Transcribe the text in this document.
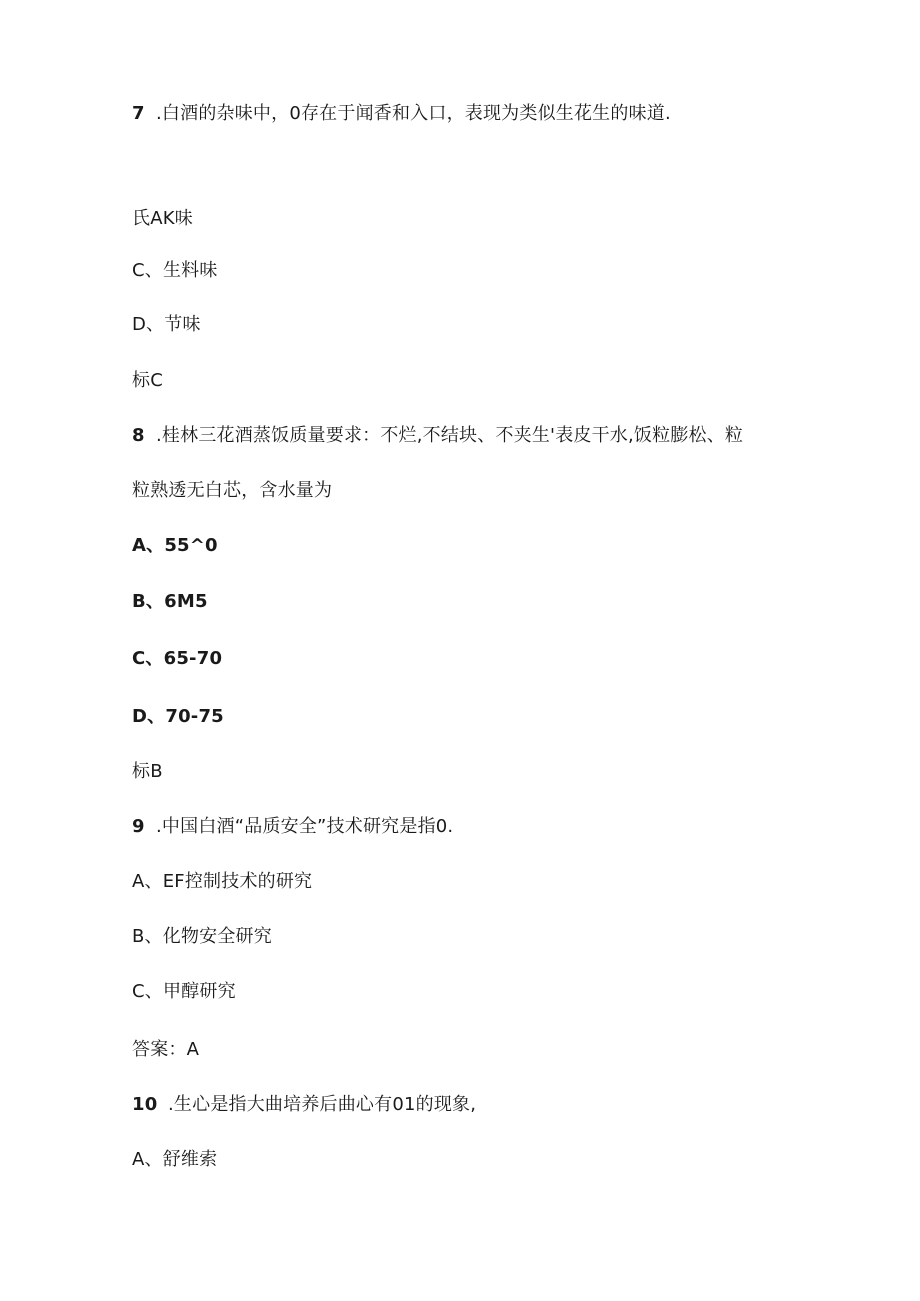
7 .白酒的杂味中，0存在于闻香和入口，表现为类似生花生的味道.
氏AK味
C、生料味
D、节味
标C
8 .桂林三花酒蒸饭质量要求：不烂,不结块、不夹生'表皮干水,饭粒膨松、粒
粒熟透无白芯，含水量为
A、55^0
B、6M5
C、65-70
D、70-75
标B
9 .中国白酒“品质安全”技术研究是指0.
A、EF控制技术的研究
B、化物安全研究
C、甲醇研究
答案：A
10 .生心是指大曲培养后曲心有01的现象,
A、舒维索
